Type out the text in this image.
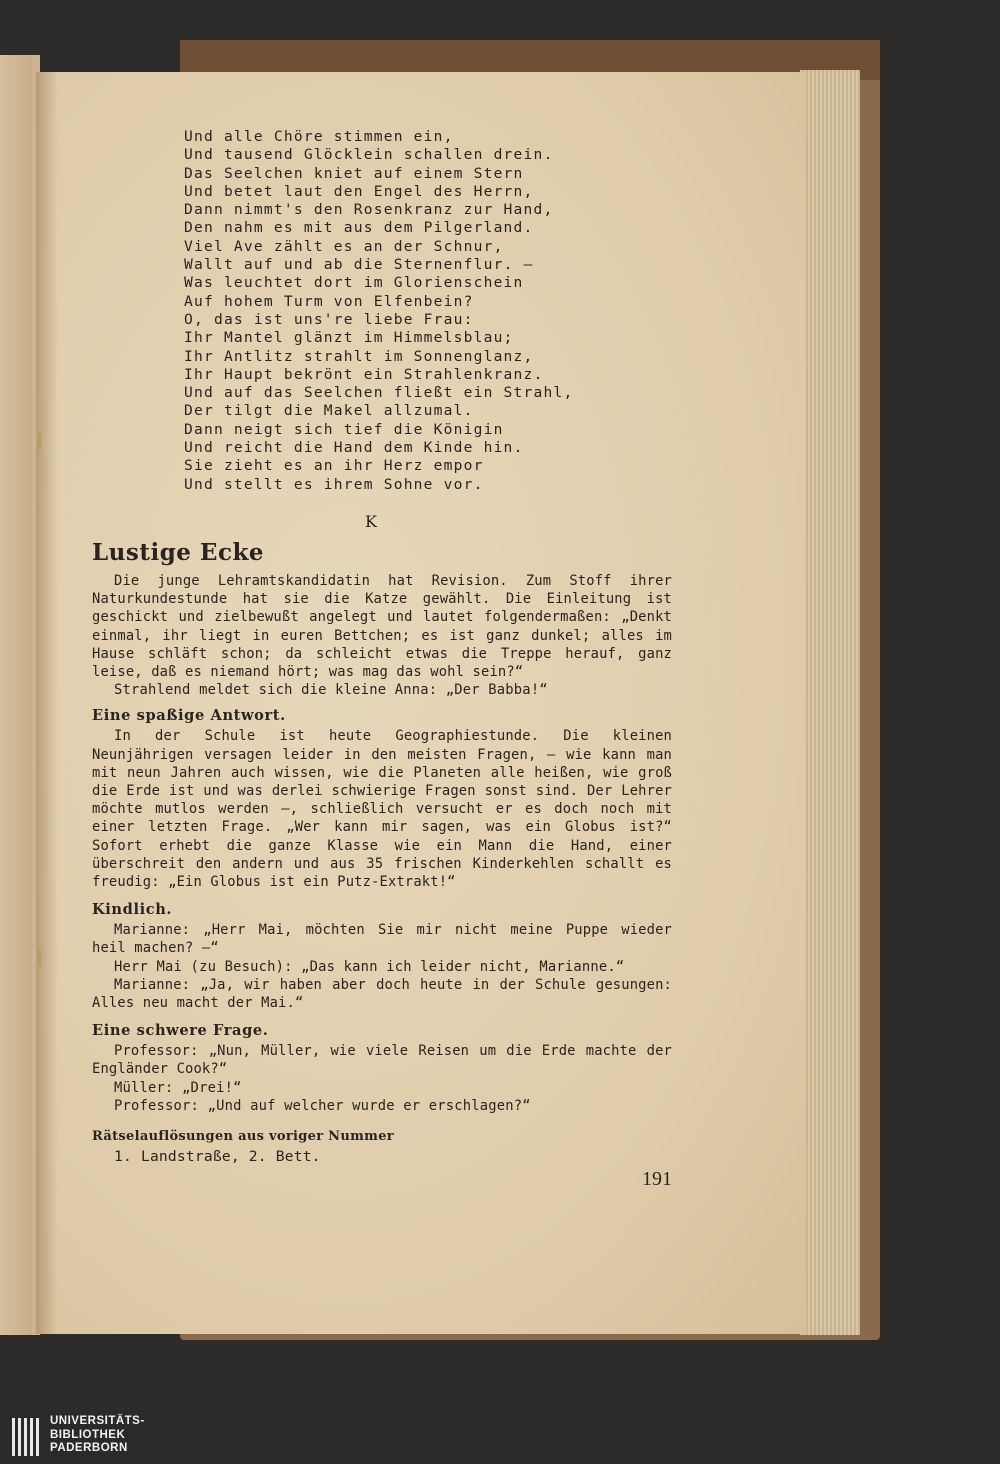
Und alle Chöre stimmen ein,
Und tausend Glöcklein schallen drein.
Das Seelchen kniet auf einem Stern
Und betet laut den Engel des Herrn,
Dann nimmt's den Rosenkranz zur Hand,
Den nahm es mit aus dem Pilgerland.
Viel Ave zählt es an der Schnur,
Wallt auf und ab die Sternenflur. —
Was leuchtet dort im Glorienschein
Auf hohem Turm von Elfenbein?
O, das ist uns're liebe Frau:
Ihr Mantel glänzt im Himmelsblau;
Ihr Antlitz strahlt im Sonnenglanz,
Ihr Haupt bekrönt ein Strahlenkranz.
Und auf das Seelchen fließt ein Strahl,
Der tilgt die Makel allzumal.
Dann neigt sich tief die Königin
Und reicht die Hand dem Kinde hin.
Sie zieht es an ihr Herz empor
Und stellt es ihrem Sohne vor.
K
Lustige Ecke
Die junge Lehramtskandidatin hat Revision. Zum Stoff ihrer Naturkundestunde hat sie die Katze gewählt. Die Einleitung ist geschickt und zielbewußt angelegt und lautet folgendermaßen: „Denkt einmal, ihr liegt in euren Bettchen; es ist ganz dunkel; alles im Hause schläft schon; da schleicht etwas die Treppe herauf, ganz leise, daß es niemand hört; was mag das wohl sein?“
Strahlend meldet sich die kleine Anna: „Der Babba!“
Eine spaßige Antwort.
In der Schule ist heute Geographiestunde. Die kleinen Neunjährigen versagen leider in den meisten Fragen, — wie kann man mit neun Jahren auch wissen, wie die Planeten alle heißen, wie groß die Erde ist und was derlei schwierige Fragen sonst sind. Der Lehrer möchte mutlos werden —, schließlich versucht er es doch noch mit einer letzten Frage. „Wer kann mir sagen, was ein Globus ist?“ Sofort erhebt die ganze Klasse wie ein Mann die Hand, einer überschreit den andern und aus 35 frischen Kinderkehlen schallt es freudig: „Ein Globus ist ein Putz-Extrakt!“
Kindlich.
Marianne: „Herr Mai, möchten Sie mir nicht meine Puppe wieder heil machen? —“
Herr Mai (zu Besuch): „Das kann ich leider nicht, Marianne.“
Marianne: „Ja, wir haben aber doch heute in der Schule gesungen: Alles neu macht der Mai.“
Eine schwere Frage.
Professor: „Nun, Müller, wie viele Reisen um die Erde machte der Engländer Cook?“
Müller: „Drei!“
Professor: „Und auf welcher wurde er erschlagen?“
Rätselauflösungen aus voriger Nummer
1. Landstraße, 2. Bett.
191
UNIVERSITÄTS-
BIBLIOTHEK
PADERBORN
